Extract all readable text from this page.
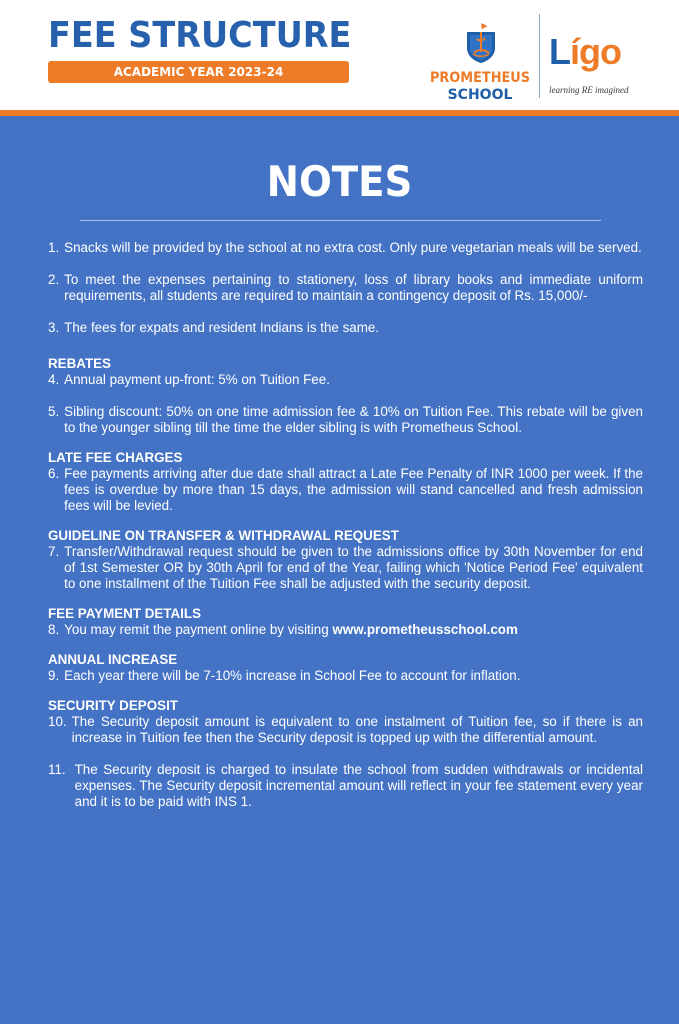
FEE STRUCTURE
ACADEMIC YEAR 2023-24	PROMETHEUS
SCHOOL
Lígo
learning RE imagined
NOTES
1. Snacks will be provided by the school at no extra cost. Only pure vegetarian meals will be served.
2. To meet the expenses pertaining to stationery, loss of library books and immediate uniform requirements, all students are required to maintain a contingency deposit of Rs. 15,000/-
3. The fees for expats and resident Indians is the same.
REBATES
4. Annual payment up-front: 5% on Tuition Fee.
5. Sibling discount: 50% on one time admission fee & 10% on Tuition Fee. This rebate will be given to the younger sibling till the time the elder sibling is with Prometheus School.
LATE FEE CHARGES
6. Fee payments arriving after due date shall attract a Late Fee Penalty of INR 1000 per week. If the fees is overdue by more than 15 days, the admission will stand cancelled and fresh admission fees will be levied.
GUIDELINE ON TRANSFER & WITHDRAWAL REQUEST
7. Transfer/Withdrawal request should be given to the admissions office by 30th November for end of 1st Semester OR by 30th April for end of the Year, failing which 'Notice Period Fee' equivalent to one installment of the Tuition Fee shall be adjusted with the security deposit.
FEE PAYMENT DETAILS
8. You may remit the payment online by visiting www.prometheusschool.com
ANNUAL INCREASE
9. Each year there will be 7-10% increase in School Fee to account for inflation.
SECURITY DEPOSIT
10. The Security deposit amount is equivalent to one instalment of Tuition fee, so if there is an increase in Tuition fee then the Security deposit is topped up with the differential amount.
11. The Security deposit is charged to insulate the school from sudden withdrawals or incidental expenses. The Security deposit incremental amount will reflect in your fee statement every year and it is to be paid with INS 1.
